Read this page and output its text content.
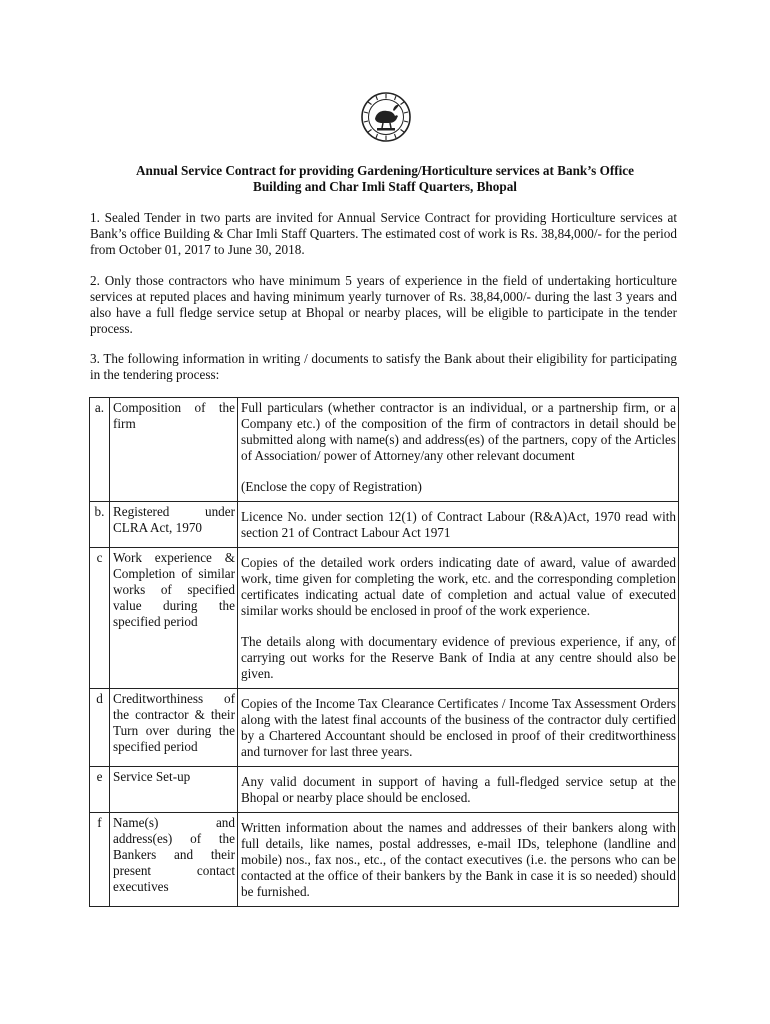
Annual Service Contract for providing Gardening/Horticulture services at Bank’s Office
Building and Char Imli Staff Quarters, Bhopal

1. Sealed Tender in two parts are invited for Annual Service Contract for providing Horticulture services at Bank’s office Building & Char Imli Staff Quarters. The estimated cost of work is Rs. 38,84,000/- for the period from October 01, 2017 to June 30, 2018.

2. Only those contractors who have minimum 5 years of experience in the field of undertaking horticulture services at reputed places and having minimum yearly turnover of Rs. 38,84,000/- during the last 3 years and also have a full fledge service setup at Bhopal or nearby places, will be eligible to participate in the tender process.

3. The following information in writing / documents to satisfy the Bank about their eligibility for participating in the tendering process:

a.	Composition of the firm	Full particulars (whether contractor is an individual, or a partnership firm, or a Company etc.) of the composition of the firm of contractors in detail should be submitted along with name(s) and address(es) of the partners, copy of the Articles of Association/ power of Attorney/any other relevant document

(Enclose the copy of Registration)

b.	Registered under CLRA Act, 1970	Licence No. under section 12(1) of Contract Labour (R&A)Act, 1970 read with section 21 of Contract Labour Act 1971

c	Work experience & Completion of similar works of specified value during the specified period	Copies of the detailed work orders indicating date of award, value of awarded work, time given for completing the work, etc. and the corresponding completion certificates indicating actual date of completion and actual value of executed similar works should be enclosed in proof of the work experience.

The details along with documentary evidence of previous experience, if any, of carrying out works for the Reserve Bank of India at any centre should also be given.

d	Creditworthiness of the contractor & their Turn over during the specified period	Copies of the Income Tax Clearance Certificates / Income Tax Assessment Orders along with the latest final accounts of the business of the contractor duly certified by a Chartered Accountant should be enclosed in proof of their creditworthiness and turnover for last three years.

e	Service Set-up	Any valid document in support of having a full-fledged service setup at the Bhopal or nearby place should be enclosed.

f	Name(s) and address(es) of the Bankers and their present contact executives	Written information about the names and addresses of their bankers along with full details, like names, postal addresses, e-mail IDs, telephone (landline and mobile) nos., fax nos., etc., of the contact executives (i.e. the persons who can be contacted at the office of their bankers by the Bank in case it is so needed) should be furnished.
